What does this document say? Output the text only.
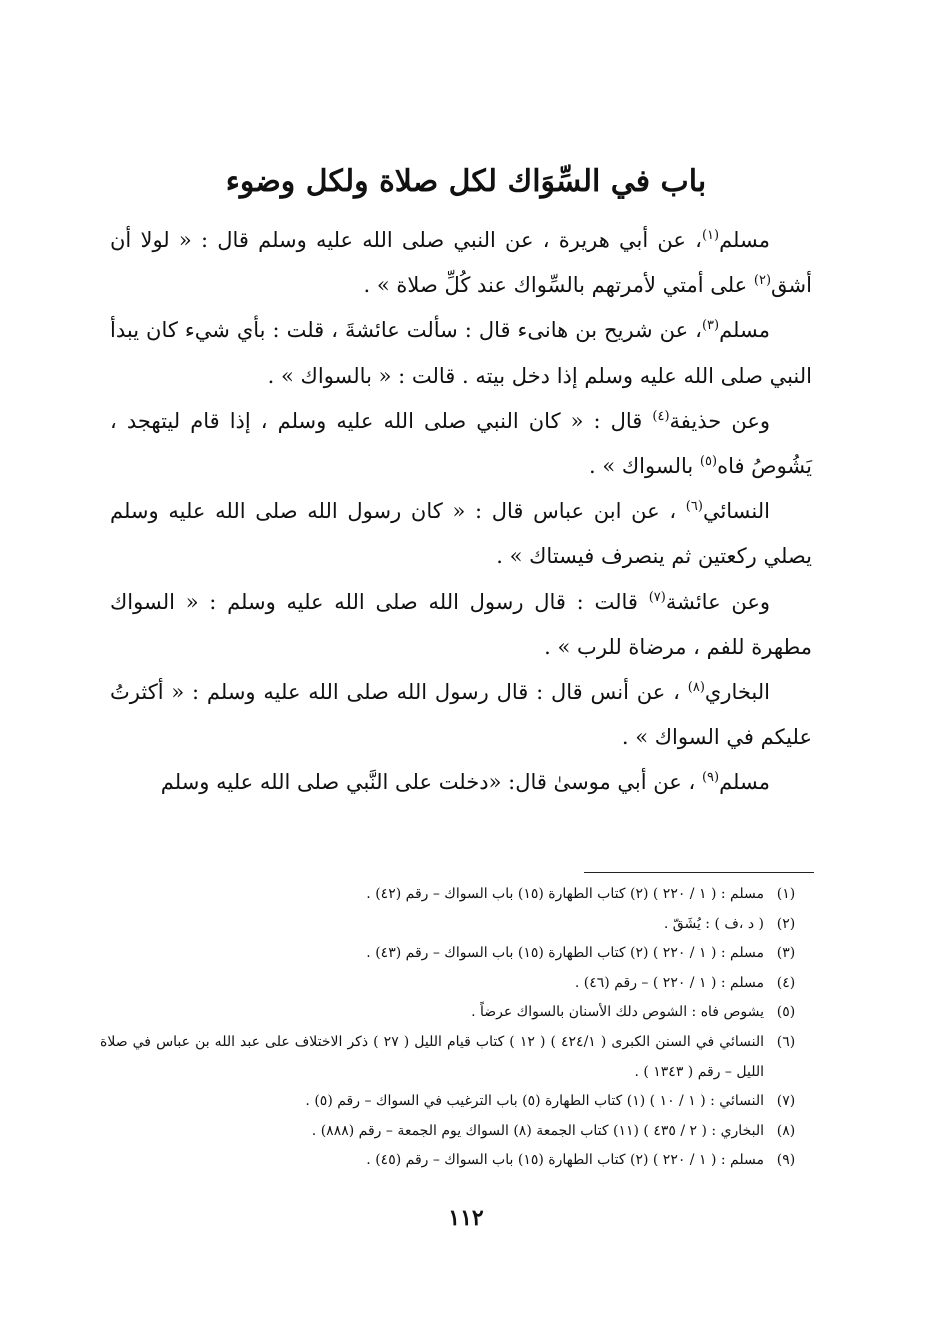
باب في السِّوَاك لكل صلاة ولكل وضوء

مسلم$^{(١)}$، عن أبي هريرة ، عن النبي صلى الله عليه وسلم قال : « لولا أن أشق$^{(٢)}$ على أمتي لأمرتهم بالسِّواك عند كُلِّ صلاة » .

مسلم$^{(٣)}$، عن شريح بن هانىء قال : سألت عائشةَ ، قلت : بأي شيء كان يبدأ النبي صلى الله عليه وسلم إذا دخل بيته . قالت : « بالسواك » .

وعن حذيفة$^{(٤)}$ قال : « كان النبي صلى الله عليه وسلم ، إذا قام ليتهجد ، يَشُوصُ فاه$^{(٥)}$ بالسواك » .

النسائي$^{(٦)}$ ، عن ابن عباس قال : « كان رسول الله صلى الله عليه وسلم يصلي ركعتين ثم ينصرف فيستاك » .

وعن عائشة$^{(٧)}$ قالت : قال رسول الله صلى الله عليه وسلم : « السواك مطهرة للفم ، مرضاة للرب » .

البخاري$^{(٨)}$ ، عن أنس قال : قال رسول الله صلى الله عليه وسلم : « أكثرتُ عليكم في السواك » .

مسلم$^{(٩)}$ ، عن أبي موسىٰ قال: «دخلت على النَّبي صلى الله عليه وسلم

(١)
مسلم : ( ١ / ٢٢٠ ) (٢) كتاب الطهارة (١٥) باب السواك – رقم (٤٢) .
(٢)
( د ،ف ) : يُشَقّ .
(٣)
مسلم : ( ١ / ٢٢٠ ) (٢) كتاب الطهارة (١٥) باب السواك – رقم (٤٣) .
(٤)
مسلم : ( ١ / ٢٢٠ ) – رقم (٤٦) .
(٥)
يشوص فاه : الشوص دلك الأسنان بالسواك عرضاً .
(٦)
النسائي في السنن الكبرى ( ٤٢٤/١ ) ( ١٢ ) كتاب قيام الليل ( ٢٧ ) ذكر الاختلاف على عبد الله بن عباس في صلاة الليل – رقم ( ١٣٤٣ ) .
(٧)
النسائي : ( ١ / ١٠ ) (١) كتاب الطهارة (٥) باب الترغيب في السواك – رقم (٥) .
(٨)
البخاري : ( ٢ / ٤٣٥ ) (١١) كتاب الجمعة (٨) السواك يوم الجمعة – رقم (٨٨٨) .
(٩)
مسلم : ( ١ / ٢٢٠ ) (٢) كتاب الطهارة (١٥) باب السواك – رقم (٤٥) .
١١٢
